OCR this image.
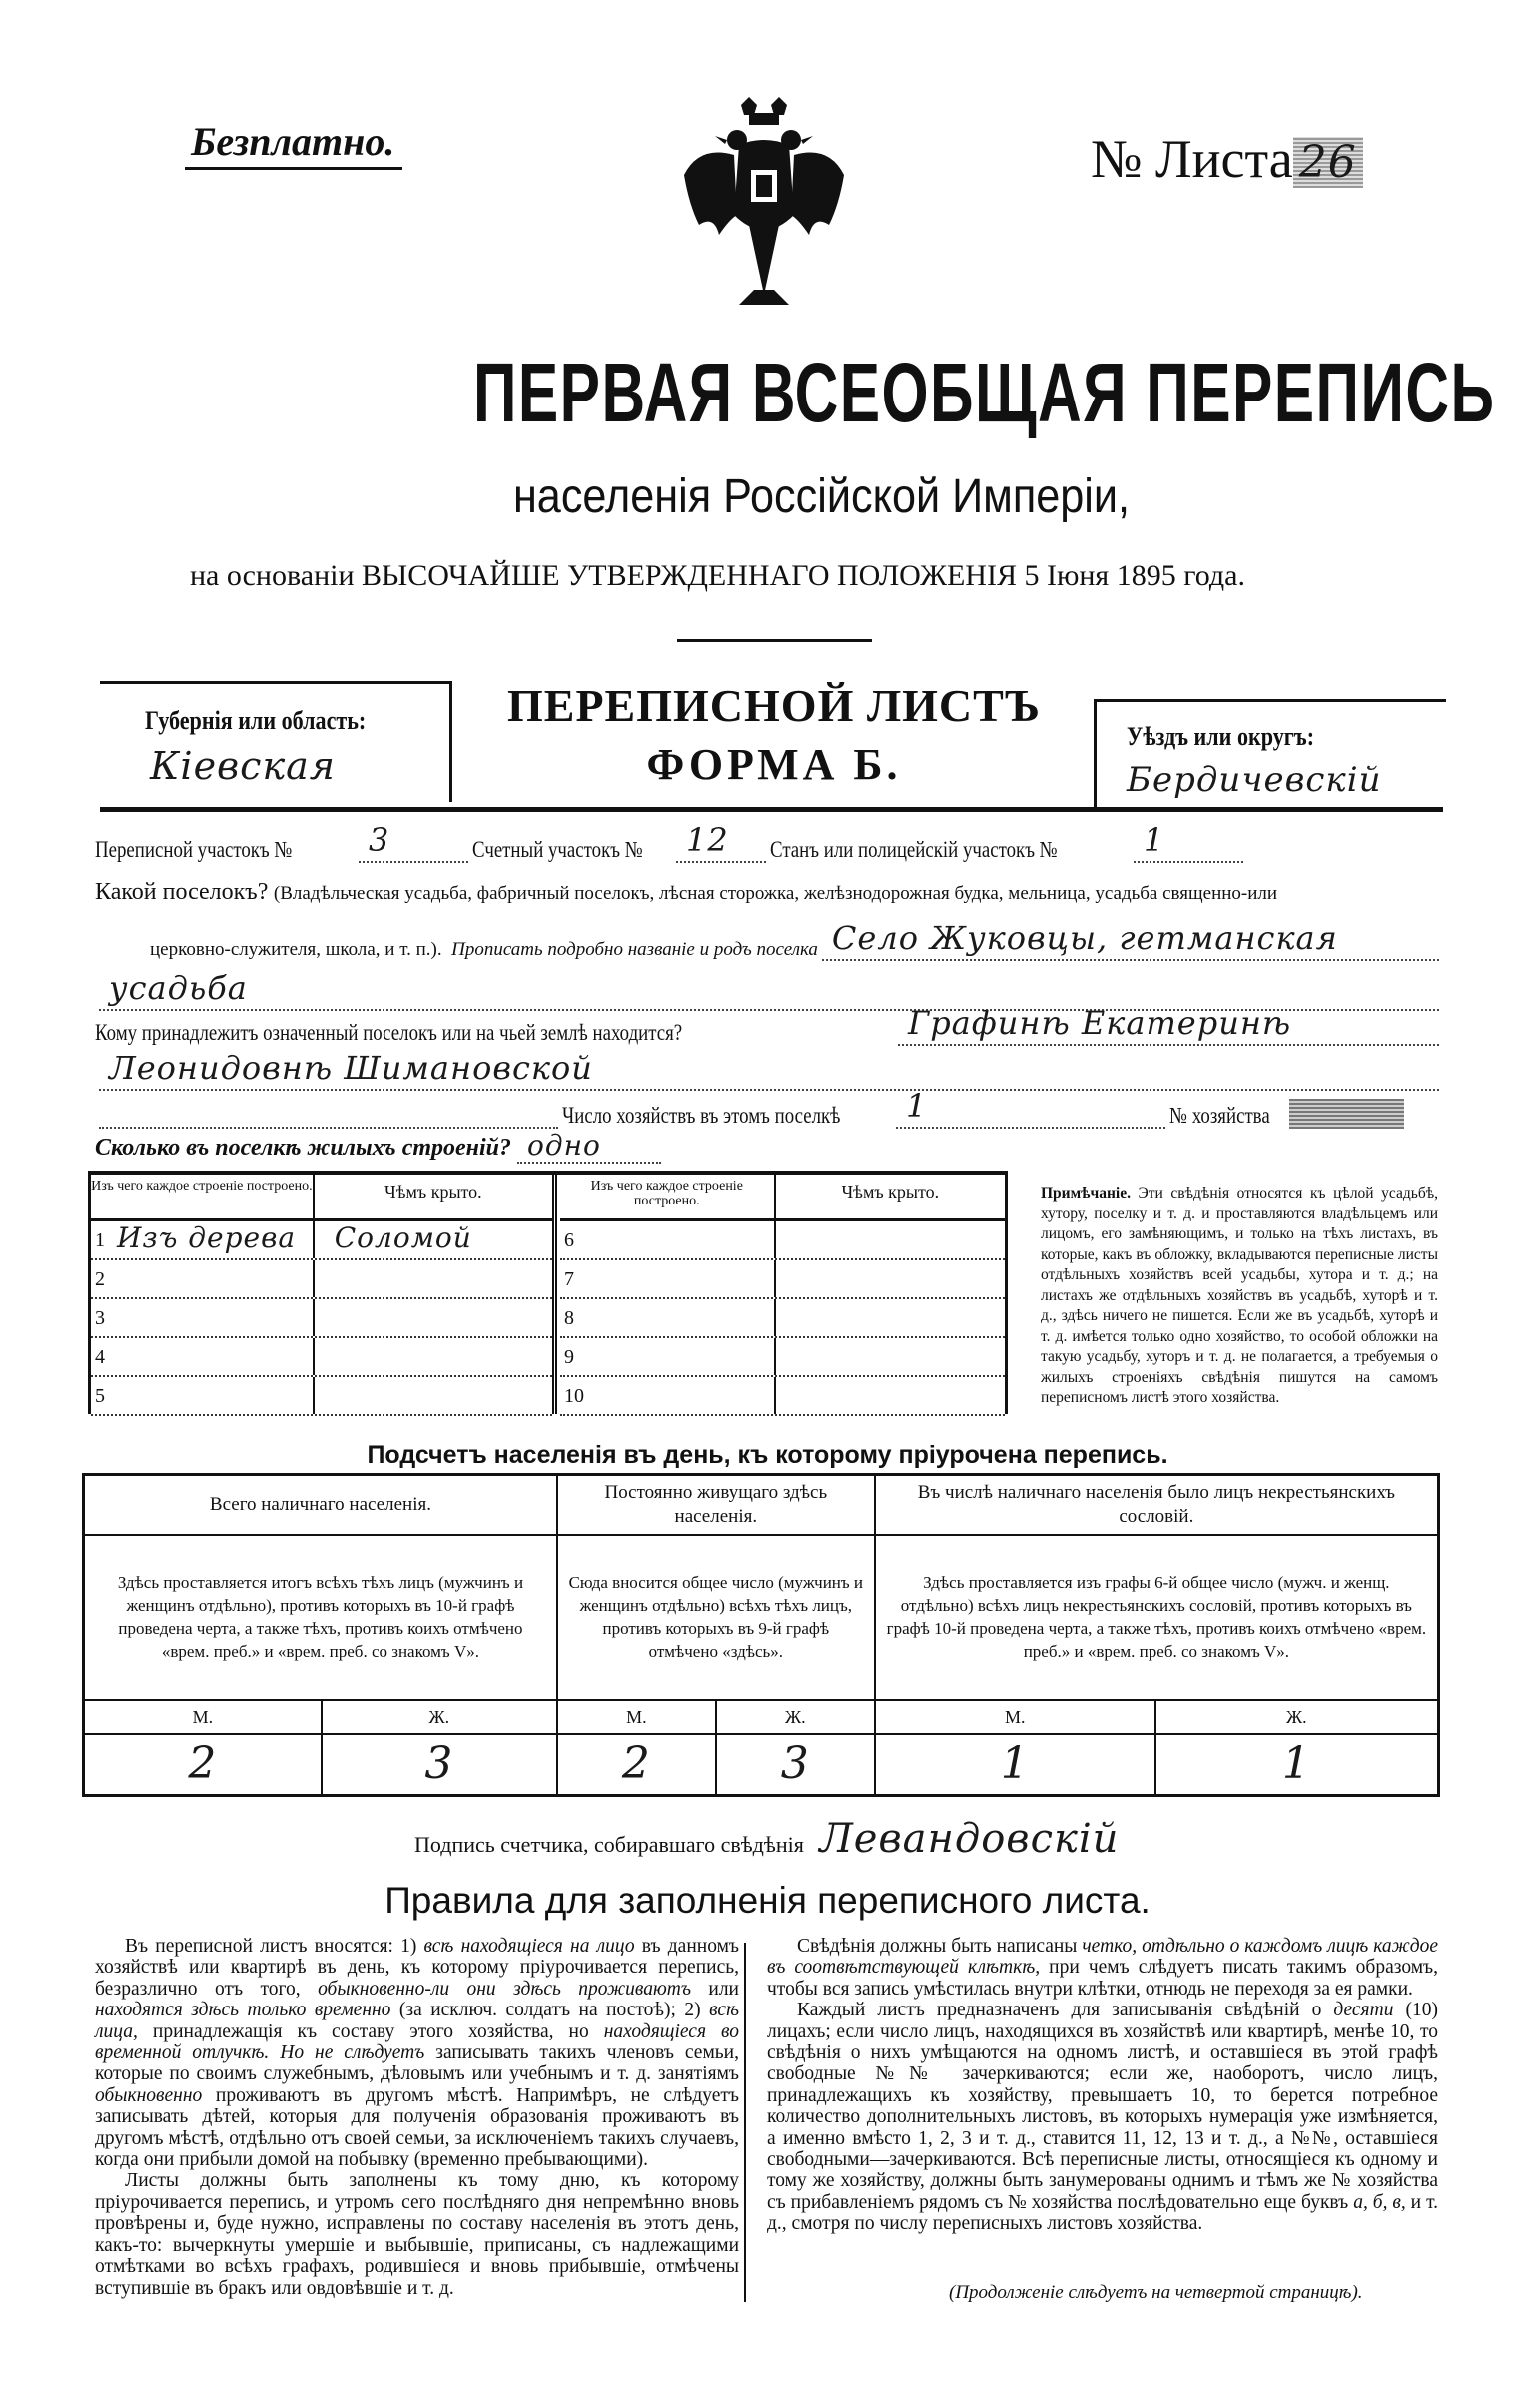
Безплатно.	№ Листа 26
ПЕРВАЯ ВСЕОБЩАЯ ПЕРЕПИСЬ
населенія Россійской Имперіи,
на основаніи ВЫСОЧАЙШЕ УТВЕРЖДЕННАГО ПОЛОЖЕНІЯ 5 Іюня 1895 года.
Губернія или область:
Кіевская
ПЕРЕПИСНОЙ ЛИСТЪ
ФОРМА Б.
Уѣздъ или округъ:
Бердичевскій
Переписной участокъ №	3	Счетный участокъ № 12 Станъ или полицейскій участокъ №	1
Какой поселокъ? (Владѣльческая усадьба, фабричный поселокъ, лѣсная сторожка, желѣзнодорожная будка, мельница, усадьба священно-или
церковно-служителя, школа, и т. п.).
Прописать подробно названіе и родъ поселка Село Жуковцы, гетманская
усадьба
Кому принадлежитъ означенный поселокъ или на чьей землѣ находится?	Графинѣ Екатеринѣ
Леонидовнѣ Шимановской
Число хозяйствъ въ этомъ поселкѣ 1	№ хозяйства
Сколько въ поселкѣ жилыхъ строеній? одно
Изъ чего каждое строеніе построено.	Чѣмъ крыто.
1 Изъ дерева Соломой
2
3
4
5
Изъ чего каждое строеніе построено.	Чѣмъ крыто.
6
7
8
9
10
Примѣчаніе. Эти свѣдѣнія относятся къ цѣлой усадьбѣ, хутору, поселку и т. д. и проставляются владѣльцемъ или лицомъ, его замѣняющимъ, и только на тѣхъ листахъ, въ которые, какъ въ обложку, вкладываются переписные листы отдѣльныхъ хозяйствъ всей усадьбы, хутора и т. д.; на листахъ же отдѣльныхъ хозяйствъ въ усадьбѣ, хуторѣ и т. д., здѣсь ничего не пишется. Если же въ усадьбѣ, хуторѣ и т. д. имѣется только одно хозяйство, то особой обложки на такую усадьбу, хуторъ и т. д. не полагается, а требуемыя о жилыхъ строеніяхъ свѣдѣнія пишутся на самомъ переписномъ листѣ этого хозяйства.
Подсчетъ населенія въ день, къ которому пріурочена перепись.
Всего наличнаго населенія.		Постоянно живущаго здѣсь населенія.		Въ числѣ наличнаго населенія было лицъ некрестьянскихъ сословій.	
Здѣсь проставляется итогъ всѣхъ тѣхъ лицъ (мужчинъ и женщинъ отдѣльно), противъ которыхъ въ 10-й графѣ проведена черта, а также тѣхъ, противъ коихъ отмѣчено «врем. преб.» и «врем. преб. со знакомъ V».		Сюда вносится общее число (мужчинъ и женщинъ отдѣльно) всѣхъ тѣхъ лицъ, противъ которыхъ въ 9-й графѣ отмѣчено «здѣсь».		Здѣсь проставляется изъ графы 6-й общее число (мужч. и женщ. отдѣльно) всѣхъ лицъ некрестьянскихъ сословій, противъ которыхъ въ графѣ 10-й проведена черта, а также тѣхъ, противъ коихъ отмѣчено «врем. преб.» и «врем. преб. со знакомъ V».	
М.	Ж.	М.	Ж.	М.	Ж.
2	3	2	3	1	1
Подпись счетчика, собиравшаго свѣдѣнія Левандовскій
Правила для заполненія переписного листа.

Въ переписной листъ вносятся: 1) всѣ находящіеся на лицо въ данномъ хозяйствѣ или квартирѣ въ день, къ которому пріурочивается перепись, безразлично отъ того, обыкновенно-ли они здѣсь проживаютъ или находятся здѣсь только временно (за исключ. солдатъ на постоѣ); 2) всѣ лица, принадлежащія къ составу этого хозяйства, но находящіеся во временной отлучкѣ. Но не слѣдуетъ записывать такихъ членовъ семьи, которые по своимъ служебнымъ, дѣловымъ или учебнымъ и т. д. занятіямъ обыкновенно проживаютъ въ другомъ мѣстѣ. Напримѣръ, не слѣдуетъ записывать дѣтей, которыя для полученія образованія проживаютъ въ другомъ мѣстѣ, отдѣльно отъ своей семьи, за исключеніемъ такихъ случаевъ, когда они прибыли домой на побывку (временно пребывающими).

Листы должны быть заполнены къ тому дню, къ которому пріурочивается перепись, и утромъ сего послѣдняго дня непремѣнно вновь провѣрены и, буде нужно, исправлены по составу населенія въ этотъ день, какъ-то: вычеркнуты умершіе и выбывшіе, приписаны, съ надлежащими отмѣтками во всѣхъ графахъ, родившіеся и вновь прибывшіе, отмѣчены вступившіе въ бракъ или овдовѣвшіе и т. д.

Свѣдѣнія должны быть написаны четко, отдѣльно о каждомъ лицѣ каждое въ соотвѣтствующей клѣткѣ, при чемъ слѣдуетъ писать такимъ образомъ, чтобы вся запись умѣстилась внутри клѣтки, отнюдь не переходя за ея рамки.

Каждый листъ предназначенъ для записыванія свѣдѣній о десяти (10) лицахъ; если число лицъ, находящихся въ хозяйствѣ или квартирѣ, менѣе 10, то свѣдѣнія о нихъ умѣщаются на одномъ листѣ, и оставшіеся въ этой графѣ свободные №№ зачеркиваются; если же, наоборотъ, число лицъ, принадлежащихъ къ хозяйству, превышаетъ 10, то берется потребное количество дополнительныхъ листовъ, въ которыхъ нумерація уже измѣняется, а именно вмѣсто 1, 2, 3 и т. д., ставится 11, 12, 13 и т. д., а №№, оставшіеся свободными—зачеркиваются. Всѣ переписные листы, относящіеся къ одному и тому же хозяйству, должны быть занумерованы однимъ и тѣмъ же № хозяйства съ прибавленіемъ рядомъ съ № хозяйства послѣдовательно еще буквъ а, б, в, и т. д., смотря по числу переписныхъ листовъ хозяйства.

(Продолженіе слѣдуетъ на четвертой страницѣ).
